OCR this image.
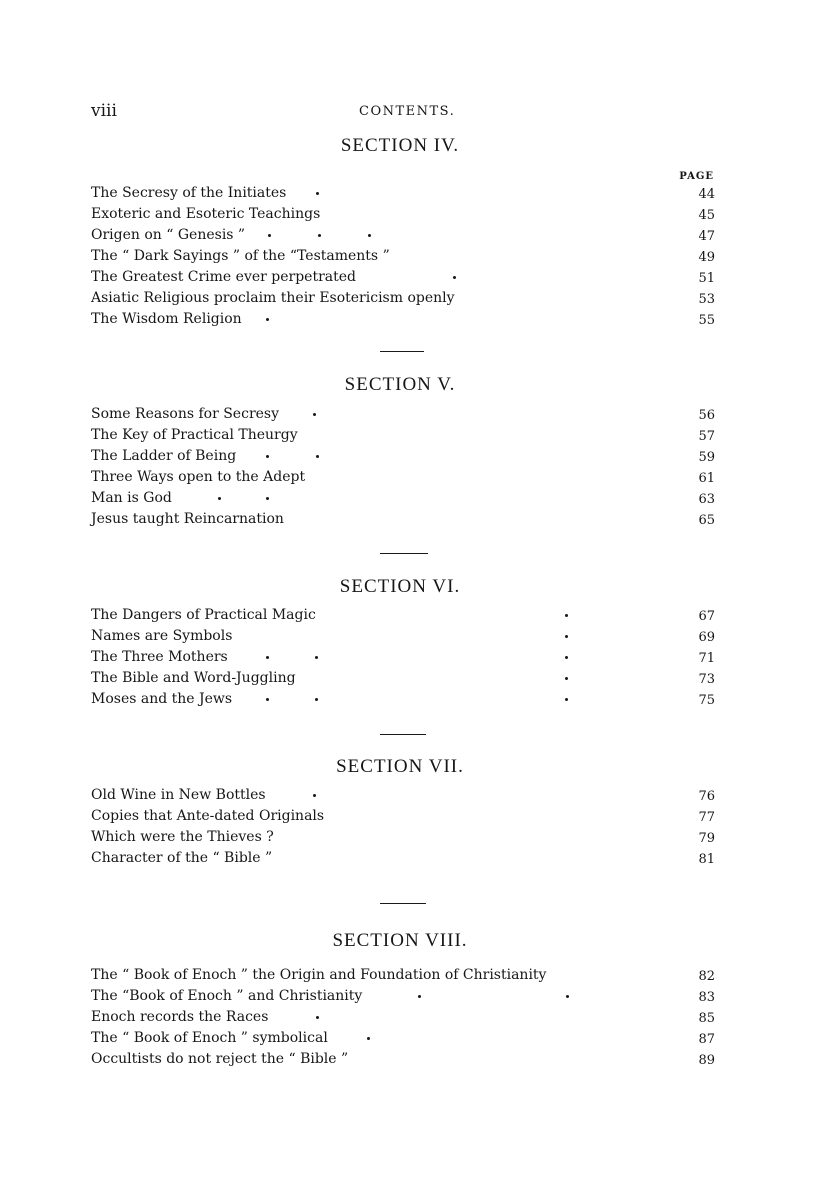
viii	CONTENTS.
SECTION IV.
PAGE
The Secresy of the Initiates	44
Exoteric and Esoteric Teachings	45
Origen on “ Genesis ”	47
The “ Dark Sayings ” of the “Testaments ”	49
The Greatest Crime ever perpetrated	51
Asiatic Religious proclaim their Esotericism openly	53
The Wisdom Religion	55
SECTION V.
Some Reasons for Secresy	56
The Key of Practical Theurgy	57
The Ladder of Being	59
Three Ways open to the Adept	61
Man is God	63
Jesus taught Reincarnation	65
SECTION VI.
The Dangers of Practical Magic	67
Names are Symbols	69
The Three Mothers	71
The Bible and Word-Juggling	73
Moses and the Jews	75
SECTION VII.
Old Wine in New Bottles	76
Copies that Ante-dated Originals	77
Which were the Thieves ?	79
Character of the “ Bible ”	81
SECTION VIII.
The “ Book of Enoch ” the Origin and Foundation of Christianity	82
The “Book of Enoch ” and Christianity	83
Enoch records the Races	85
The “ Book of Enoch ” symbolical	87
Occultists do not reject the “ Bible ”	89
